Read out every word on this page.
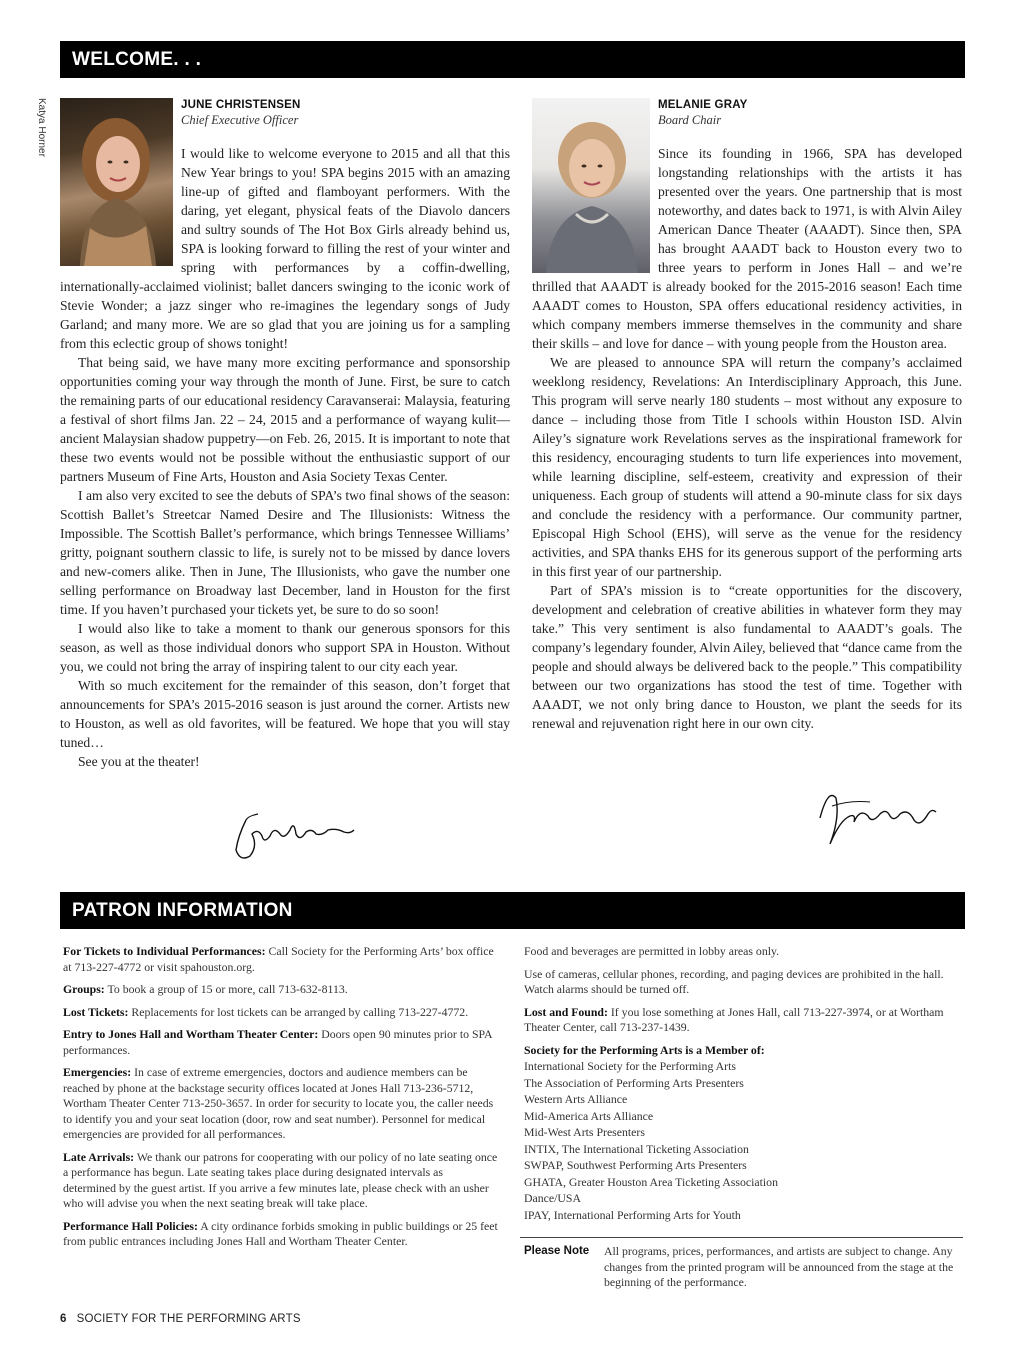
WELCOME. . .
Katya Horner	JUNE CHRISTENSEN
Chief Executive Officer

I would like to welcome everyone to 2015 and all that this New Year brings to you! SPA begins 2015 with an amazing line-up of gifted and flamboyant performers. With the daring, yet elegant, physical feats of the Diavolo dancers and sultry sounds of The Hot Box Girls already behind us, SPA is looking forward to filling the rest of your winter and spring with performances by a coffin-dwelling, internationally-acclaimed violinist; ballet dancers swinging to the iconic work of Stevie Wonder; a jazz singer who re-imagines the legendary songs of Judy Garland; and many more. We are so glad that you are joining us for a sampling from this eclectic group of shows tonight!

That being said, we have many more exciting performance and sponsorship opportunities coming your way through the month of June. First, be sure to catch the remaining parts of our educational residency Caravanserai: Malaysia, featuring a festival of short films Jan. 22 – 24, 2015 and a performance of wayang kulit—ancient Malaysian shadow puppetry—on Feb. 26, 2015. It is important to note that these two events would not be possible without the enthusiastic support of our partners Museum of Fine Arts, Houston and Asia Society Texas Center.

I am also very excited to see the debuts of SPA’s two final shows of the season: Scottish Ballet’s Streetcar Named Desire and The Illusionists: Witness the Impossible. The Scottish Ballet’s performance, which brings Tennessee Williams’ gritty, poignant southern classic to life, is surely not to be missed by dance lovers and new-comers alike. Then in June, The Illusionists, who gave the number one selling performance on Broadway last December, land in Houston for the first time. If you haven’t purchased your tickets yet, be sure to do so soon!

I would also like to take a moment to thank our generous sponsors for this season, as well as those individual donors who support SPA in Houston. Without you, we could not bring the array of inspiring talent to our city each year.

With so much excitement for the remainder of this season, don’t forget that announcements for SPA’s 2015-2016 season is just around the corner. Artists new to Houston, as well as old favorites, will be featured. We hope that you will stay tuned…

See you at the theater!

MELANIE GRAY
Board Chair

Since its founding in 1966, SPA has developed longstanding relationships with the artists it has presented over the years. One partnership that is most noteworthy, and dates back to 1971, is with Alvin Ailey American Dance Theater (AAADT). Since then, SPA has brought AAADT back to Houston every two to three years to perform in Jones Hall – and we’re thrilled that AAADT is already booked for the 2015-2016 season! Each time AAADT comes to Houston, SPA offers educational residency activities, in which company members immerse themselves in the community and share their skills – and love for dance – with young people from the Houston area.

We are pleased to announce SPA will return the company’s acclaimed weeklong residency, Revelations: An Interdisciplinary Approach, this June. This program will serve nearly 180 students – most without any exposure to dance – including those from Title I schools within Houston ISD. Alvin Ailey’s signature work Revelations serves as the inspirational framework for this residency, encouraging students to turn life experiences into movement, while learning discipline, self-esteem, creativity and expression of their uniqueness. Each group of students will attend a 90-minute class for six days and conclude the residency with a performance. Our community partner, Episcopal High School (EHS), will serve as the venue for the residency activities, and SPA thanks EHS for its generous support of the performing arts in this first year of our partnership.

Part of SPA’s mission is to “create opportunities for the discovery, development and celebration of creative abilities in whatever form they may take.” This very sentiment is also fundamental to AAADT’s goals. The company’s legendary founder, Alvin Ailey, believed that “dance came from the people and should always be delivered back to the people.” This compatibility between our two organizations has stood the test of time. Together with AAADT, we not only bring dance to Houston, we plant the seeds for its renewal and rejuvenation right here in our own city.

PATRON INFORMATION

For Tickets to Individual Performances: Call Society for the Performing Arts’ box office at 713-227-4772 or visit spahouston.org.

Groups: To book a group of 15 or more, call 713-632-8113.

Lost Tickets: Replacements for lost tickets can be arranged by calling 713-227-4772.

Entry to Jones Hall and Wortham Theater Center: Doors open 90 minutes prior to SPA performances.

Emergencies: In case of extreme emergencies, doctors and audience members can be reached by phone at the backstage security offices located at Jones Hall 713-236-5712, Wortham Theater Center 713-250-3657. In order for security to locate you, the caller needs to identify you and your seat location (door, row and seat number). Personnel for medical emergencies are provided for all performances.

Late Arrivals: We thank our patrons for cooperating with our policy of no late seating once a performance has begun. Late seating takes place during designated intervals as determined by the guest artist. If you arrive a few minutes late, please check with an usher who will advise you when the next seating break will take place.

Performance Hall Policies: A city ordinance forbids smoking in public buildings or 25 feet from public entrances including Jones Hall and Wortham Theater Center.

Food and beverages are permitted in lobby areas only.

Use of cameras, cellular phones, recording, and paging devices are prohibited in the hall. Watch alarms should be turned off.

Lost and Found: If you lose something at Jones Hall, call 713-227-3974, or at Wortham Theater Center, call 713-237-1439.

Society for the Performing Arts is a Member of:
International Society for the Performing Arts
The Association of Performing Arts Presenters
Western Arts Alliance
Mid-America Arts Alliance
Mid-West Arts Presenters
INTIX, The International Ticketing Association
SWPAP, Southwest Performing Arts Presenters
GHATA, Greater Houston Area Ticketing Association
Dance/USA
IPAY, International Performing Arts for Youth
Please Note	All programs, prices, performances, and artists are subject to change. Any changes from the printed program will be announced from the stage at the beginning of the performance.
6 SOCIETY FOR THE PERFORMING ARTS
